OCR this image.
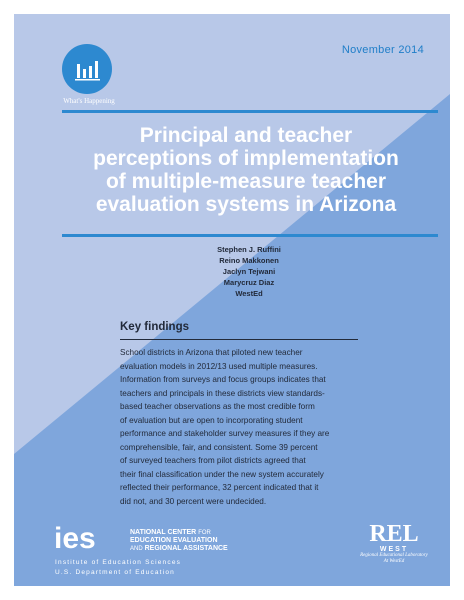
What's Happening
November 2014
Principal and teacher
perceptions of implementation
of multiple-measure teacher
evaluation systems in Arizona
Stephen J. Ruffini
Reino Makkonen
Jaclyn Tejwani
Marycruz Diaz
WestEd
Key findings
School districts in Arizona that piloted new teacher
evaluation models in 2012/13 used multiple measures.
Information from surveys and focus groups indicates that
teachers and principals in these districts view standards-
based teacher observations as the most credible form
of evaluation but are open to incorporating student
performance and stakeholder survey measures if they are
comprehensible, fair, and consistent. Some 39 percent
of surveyed teachers from pilot districts agreed that
their final classification under the new system accurately
reflected their performance, 32 percent indicated that it
did not, and 30 percent were undecided.
ies	NATIONAL CENTER FOR
EDUCATION EVALUATION
AND REGIONAL ASSISTANCE
Institute of Education Sciences
U.S. Department of Education
REL
WEST
Regional Educational Laboratory
At WestEd
